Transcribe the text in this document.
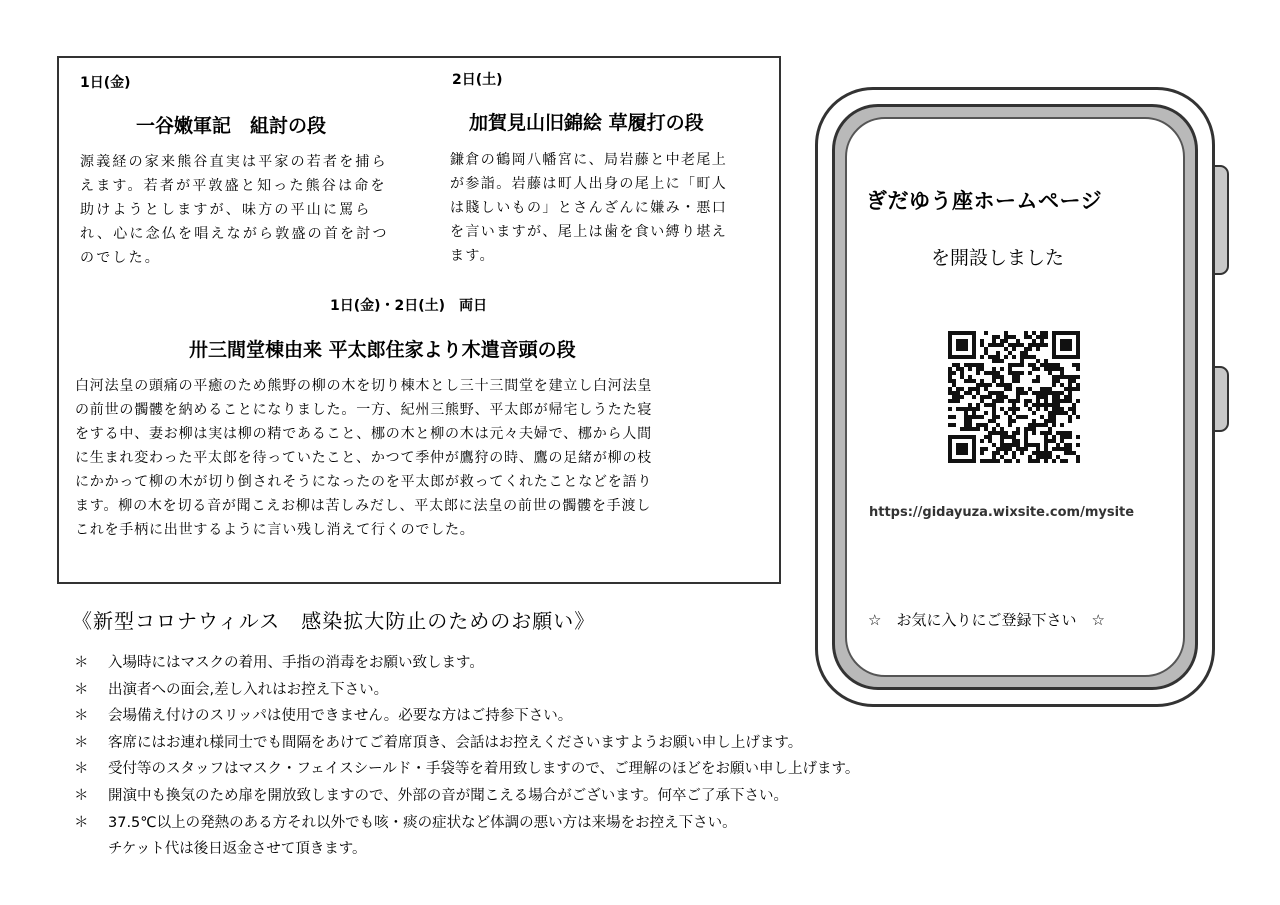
1日(金)
一谷嫩軍記　組討の段
源義経の家来熊谷直実は平家の若者を捕ら
えます。若者が平敦盛と知った熊谷は命を
助けようとしますが、味方の平山に罵ら
れ、心に念仏を唱えながら敦盛の首を討つ
のでした。
2日(土)
加賀見山旧錦絵 草履打の段
鎌倉の鶴岡八幡宮に、局岩藤と中老尾上
が参詣。岩藤は町人出身の尾上に「町人
は賤しいもの」とさんざんに嫌み・悪口
を言いますが、尾上は歯を食い縛り堪え
ます。
1日(金)・2日(土)　両日
卅三間堂棟由来 平太郎住家より木遣音頭の段
白河法皇の頭痛の平癒のため熊野の柳の木を切り棟木とし三十三間堂を建立し白河法皇
の前世の髑髏を納めることになりました。一方、紀州三熊野、平太郎が帰宅しうたた寝
をする中、妻お柳は実は柳の精であること、梛の木と柳の木は元々夫婦で、梛から人間
に生まれ変わった平太郎を待っていたこと、かつて季仲が鷹狩の時、鷹の足緒が柳の枝
にかかって柳の木が切り倒されそうになったのを平太郎が救ってくれたことなどを語り
ます。柳の木を切る音が聞こえお柳は苦しみだし、平太郎に法皇の前世の髑髏を手渡し
これを手柄に出世するように言い残し消えて行くのでした。
《新型コロナウィルス　感染拡大防止のためのお願い》
＊ 入場時にはマスクの着用、手指の消毒をお願い致します。
＊ 出演者への面会,差し入れはお控え下さい。
＊ 会場備え付けのスリッパは使用できません。必要な方はご持参下さい。
＊ 客席にはお連れ様同士でも間隔をあけてご着席頂き、会話はお控えくださいますようお願い申し上げます。
＊ 受付等のスタッフはマスク・フェイスシールド・手袋等を着用致しますので、ご理解のほどをお願い申し上げます。
＊ 開演中も換気のため扉を開放致しますので、外部の音が聞こえる場合がございます。何卒ご了承下さい。
＊ 37.5℃以上の発熱のある方それ以外でも咳・痰の症状など体調の悪い方は来場をお控え下さい。
チケット代は後日返金させて頂きます。
ぎだゆう座ホームページ
を開設しました
https://gidayuza.wixsite.com/mysite
☆　お気に入りにご登録下さい　☆
